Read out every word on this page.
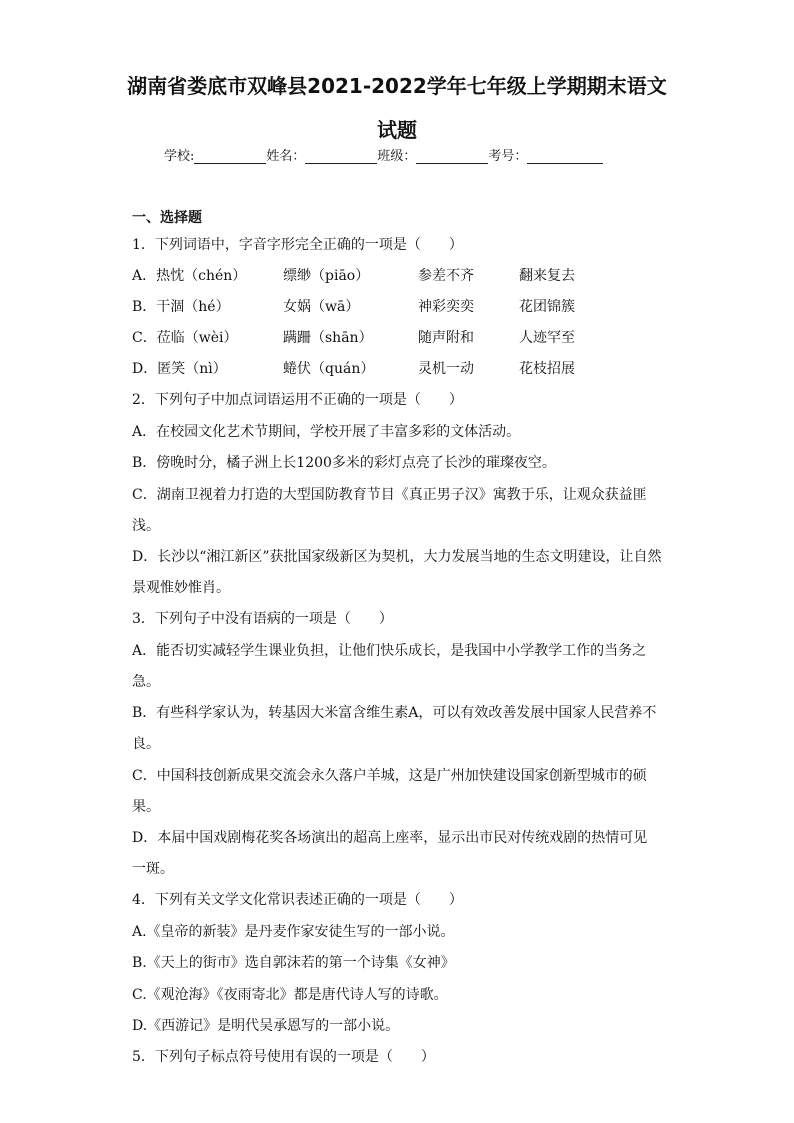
湖南省娄底市双峰县2021-2022学年七年级上学期期末语文
试题
学校:	姓名：	班级：	考号：
一、选择题
1．下列词语中，字音字形完全正确的一项是（　　）
A．热忱（chén）	缥缈（piāo）	参差不齐	翻来复去
B．干涸（hé）	女娲（wā）	神彩奕奕	花团锦簇
C．莅临（wèi）	蹒跚（shān）	随声附和	人迹罕至
D．匿笑（nì）	蜷伏（quán）	灵机一动	花枝招展
2．下列句子中加点词语运用不正确的一项是（　　）
A．在校园文化艺术节期间，学校开展了丰富多彩的文体活动。
B．傍晚时分，橘子洲上长1200多米的彩灯点亮了长沙的璀璨夜空。
C．湖南卫视着力打造的大型国防教育节目《真正男子汉》寓教于乐，让观众获益匪
浅。
D．长沙以“湘江新区”获批国家级新区为契机，大力发展当地的生态文明建设，让自然
景观惟妙惟肖。
3．下列句子中没有语病的一项是（　　）
A．能否切实减轻学生课业负担，让他们快乐成长，是我国中小学教学工作的当务之
急。
B．有些科学家认为，转基因大米富含维生素A，可以有效改善发展中国家人民营养不
良。
C．中国科技创新成果交流会永久落户羊城，这是广州加快建设国家创新型城市的硕
果。
D．本届中国戏剧梅花奖各场演出的超高上座率，显示出市民对传统戏剧的热情可见
一斑。
4．下列有关文学文化常识表述正确的一项是（　　）
A.《皇帝的新装》是丹麦作家安徒生写的一部小说。
B.《天上的街市》选自郭沫若的第一个诗集《女神》
C.《观沧海》《夜雨寄北》都是唐代诗人写的诗歌。
D.《西游记》是明代吴承恩写的一部小说。
5．下列句子标点符号使用有误的一项是（　　）
